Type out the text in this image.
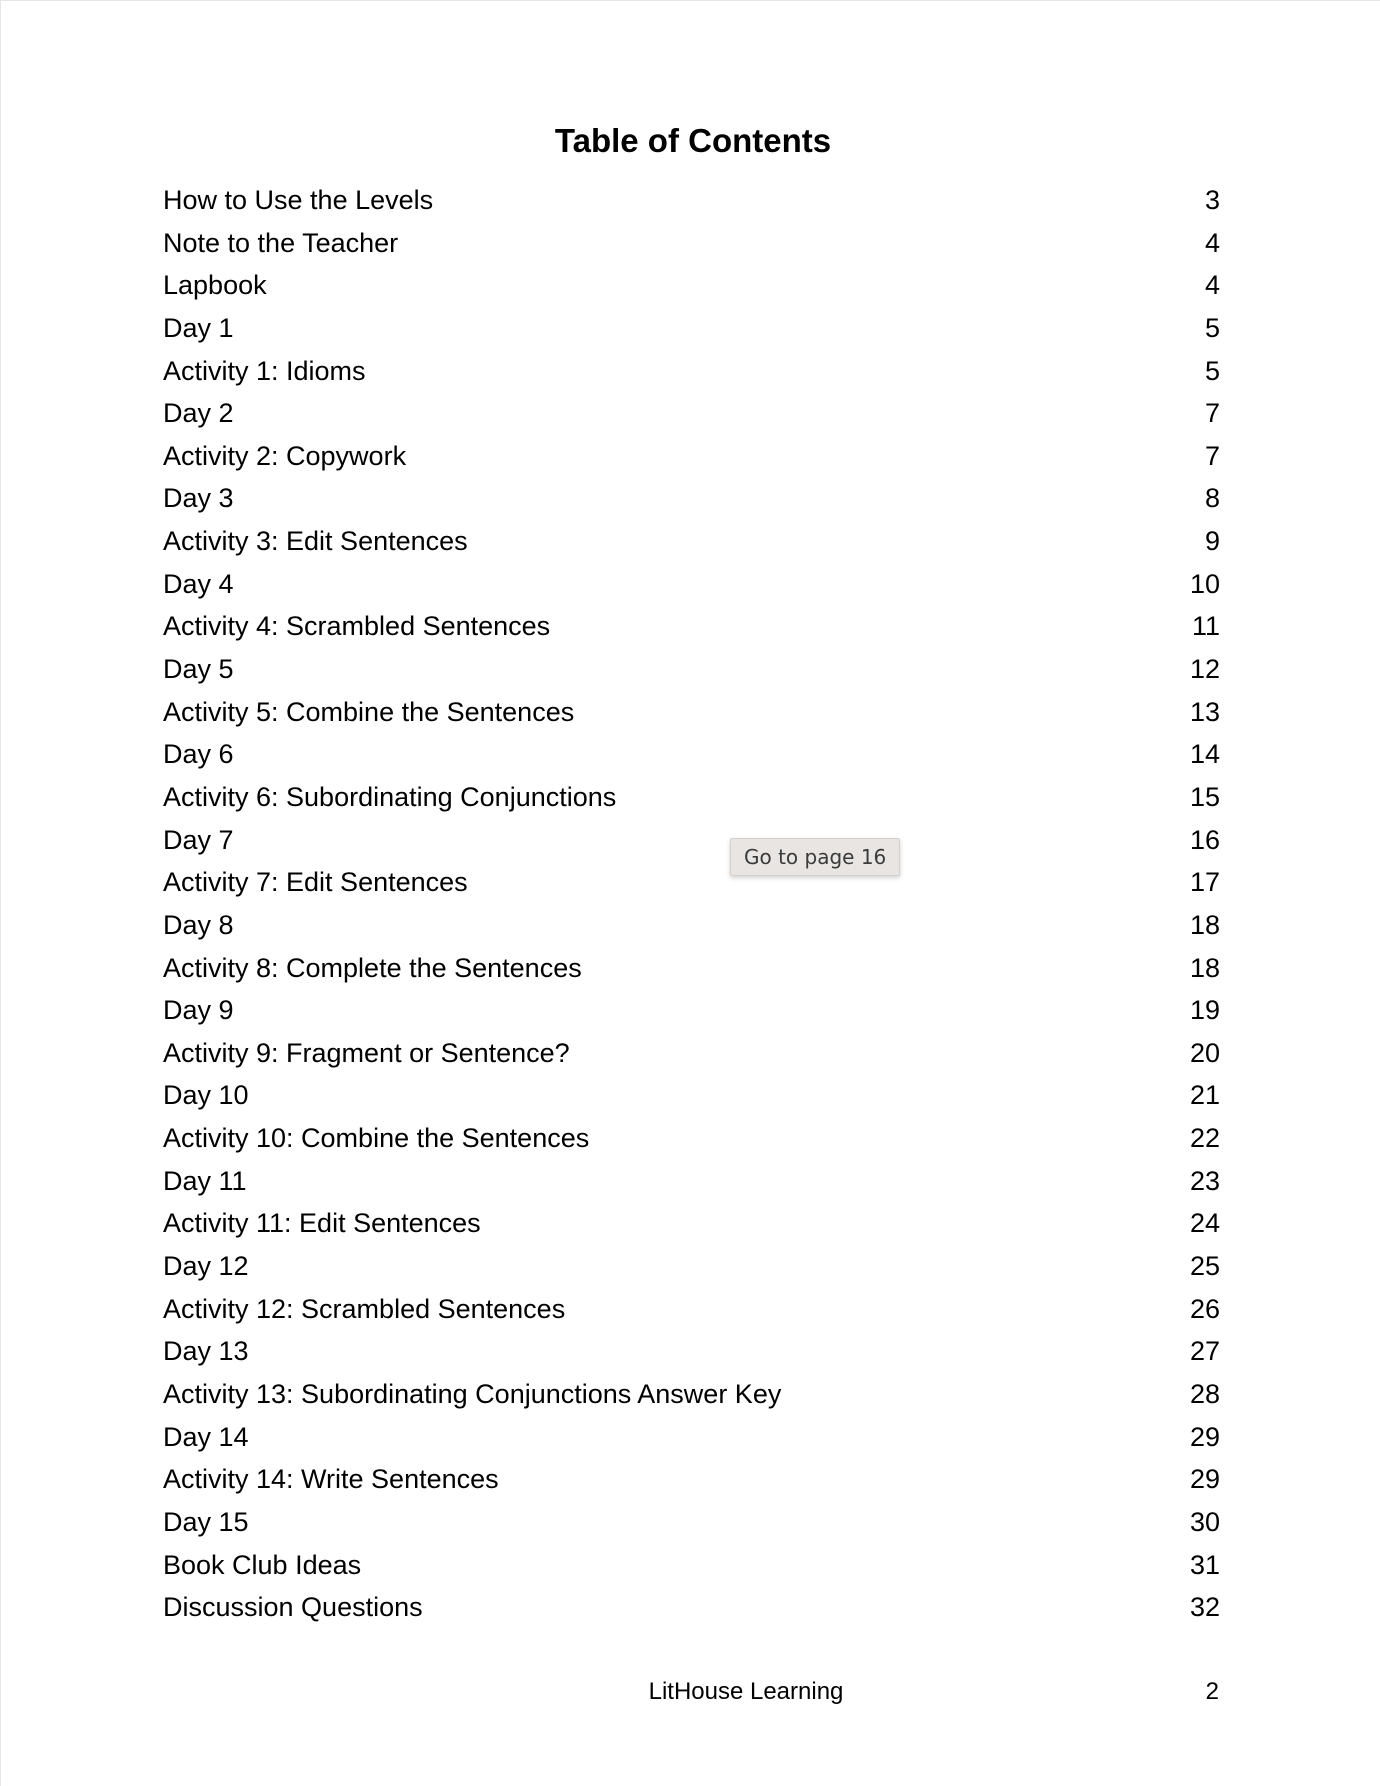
Table of Contents
How to Use the Levels	3
Note to the Teacher	4
Lapbook	4
Day 1	5
Activity 1: Idioms	5
Day 2	7
Activity 2: Copywork	7
Day 3	8
Activity 3: Edit Sentences	9
Day 4	10
Activity 4: Scrambled Sentences	11
Day 5	12
Activity 5: Combine the Sentences	13
Day 6	14
Activity 6: Subordinating Conjunctions	15
Day 7	16
Activity 7: Edit Sentences	17
Day 8	18
Activity 8: Complete the Sentences	18
Day 9	19
Activity 9: Fragment or Sentence?	20
Day 10	21
Activity 10: Combine the Sentences	22
Day 11	23
Activity 11: Edit Sentences	24
Day 12	25
Activity 12: Scrambled Sentences	26
Day 13	27
Activity 13: Subordinating Conjunctions Answer Key	28
Day 14	29
Activity 14: Write Sentences	29
Day 15	30
Book Club Ideas	31
Discussion Questions	32
LitHouse Learning	2
Go to page 16
